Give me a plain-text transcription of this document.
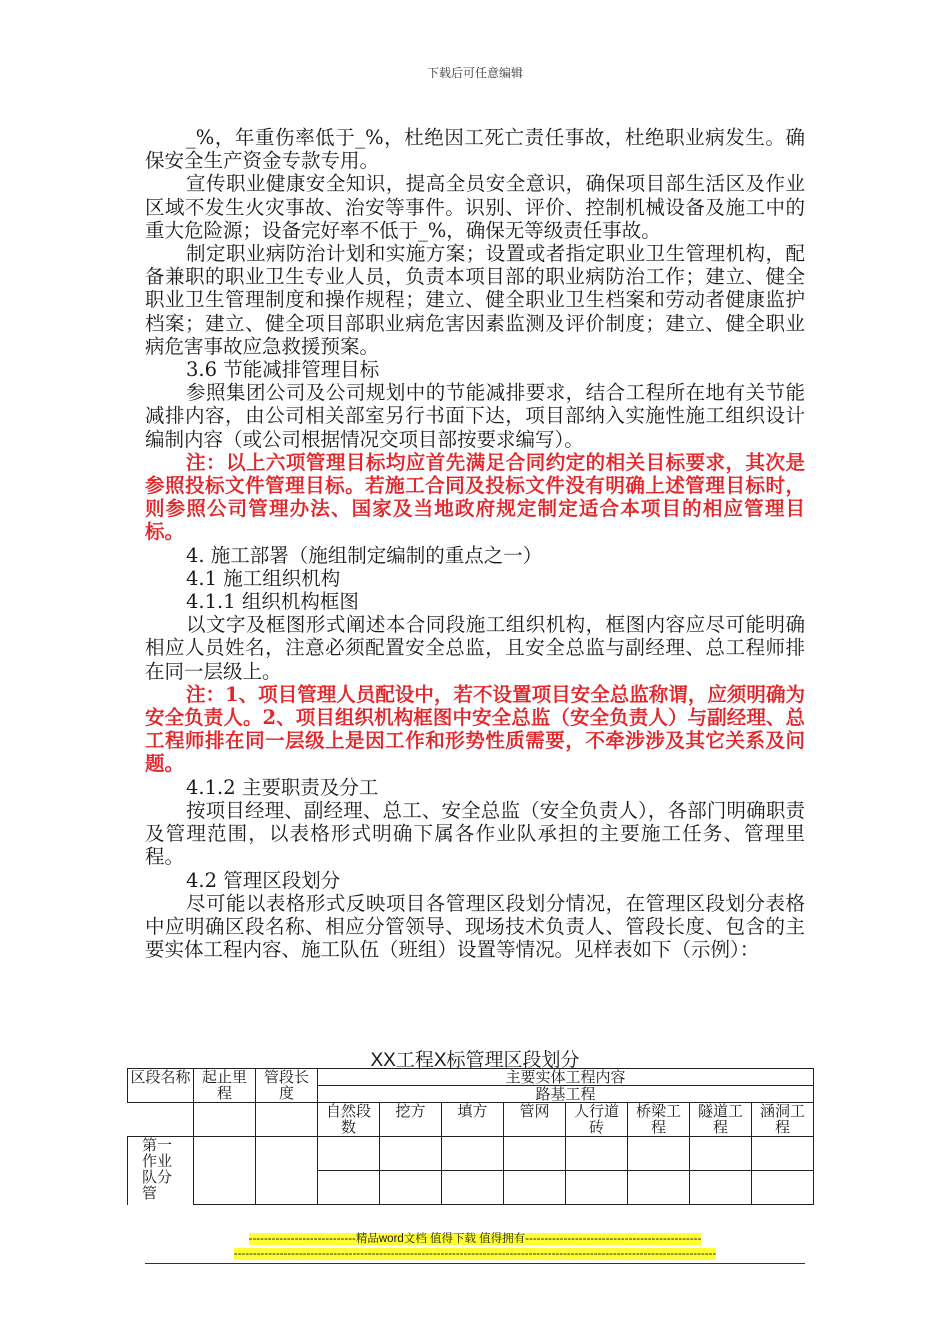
下载后可任意编辑

_%，年重伤率低于_%，杜绝因工死亡责任事故，杜绝职业病发生。确保安全生产资金专款专用。

宣传职业健康安全知识，提高全员安全意识，确保项目部生活区及作业区域不发生火灾事故、治安等事件。识别、评价、控制机械设备及施工中的重大危险源；设备完好率不低于_%，确保无等级责任事故。

制定职业病防治计划和实施方案；设置或者指定职业卫生管理机构，配备兼职的职业卫生专业人员，负责本项目部的职业病防治工作；建立、健全职业卫生管理制度和操作规程；建立、健全职业卫生档案和劳动者健康监护档案；建立、健全项目部职业病危害因素监测及评价制度；建立、健全职业病危害事故应急救援预案。

3.6 节能减排管理目标

参照集团公司及公司规划中的节能减排要求，结合工程所在地有关节能减排内容，由公司相关部室另行书面下达，项目部纳入实施性施工组织设计编制内容（或公司根据情况交项目部按要求编写）。

注：以上六项管理目标均应首先满足合同约定的相关目标要求，其次是参照投标文件管理目标。若施工合同及投标文件没有明确上述管理目标时，则参照公司管理办法、国家及当地政府规定制定适合本项目的相应管理目标。

4. 施工部署（施组制定编制的重点之一）

4.1 施工组织机构

4.1.1 组织机构框图

以文字及框图形式阐述本合同段施工组织机构，框图内容应尽可能明确相应人员姓名，注意必须配置安全总监，且安全总监与副经理、总工程师排在同一层级上。

注：1、项目管理人员配设中，若不设置项目安全总监称谓，应须明确为安全负责人。2、项目组织机构框图中安全总监（安全负责人）与副经理、总工程师排在同一层级上是因工作和形势性质需要，不牵涉涉及其它关系及问题。

4.1.2 主要职责及分工

按项目经理、副经理、总工、安全总监（安全负责人），各部门明确职责及管理范围，以表格形式明确下属各作业队承担的主要施工任务、管理里程。

4.2 管理区段划分

尽可能以表格形式反映项目各管理区段划分情况，在管理区段划分表格中应明确区段名称、相应分管领导、现场技术负责人、管段长度、包含的主要实体工程内容、施工队伍（班组）设置等情况。见样表如下（示例）：

XX工程X标管理区段划分
区段名称	起止里程	管段长度	主要实体工程内容							
			路基工程							
			自然段数	挖方	填方	管网	人行道砖	桥梁工程	隧道工程	涵洞工程
第一作业队分管										

----------------------------精品word文档 值得下载 值得拥有----------------------------------------------
------------------------------------------------------------------------------------------------------------------------------
